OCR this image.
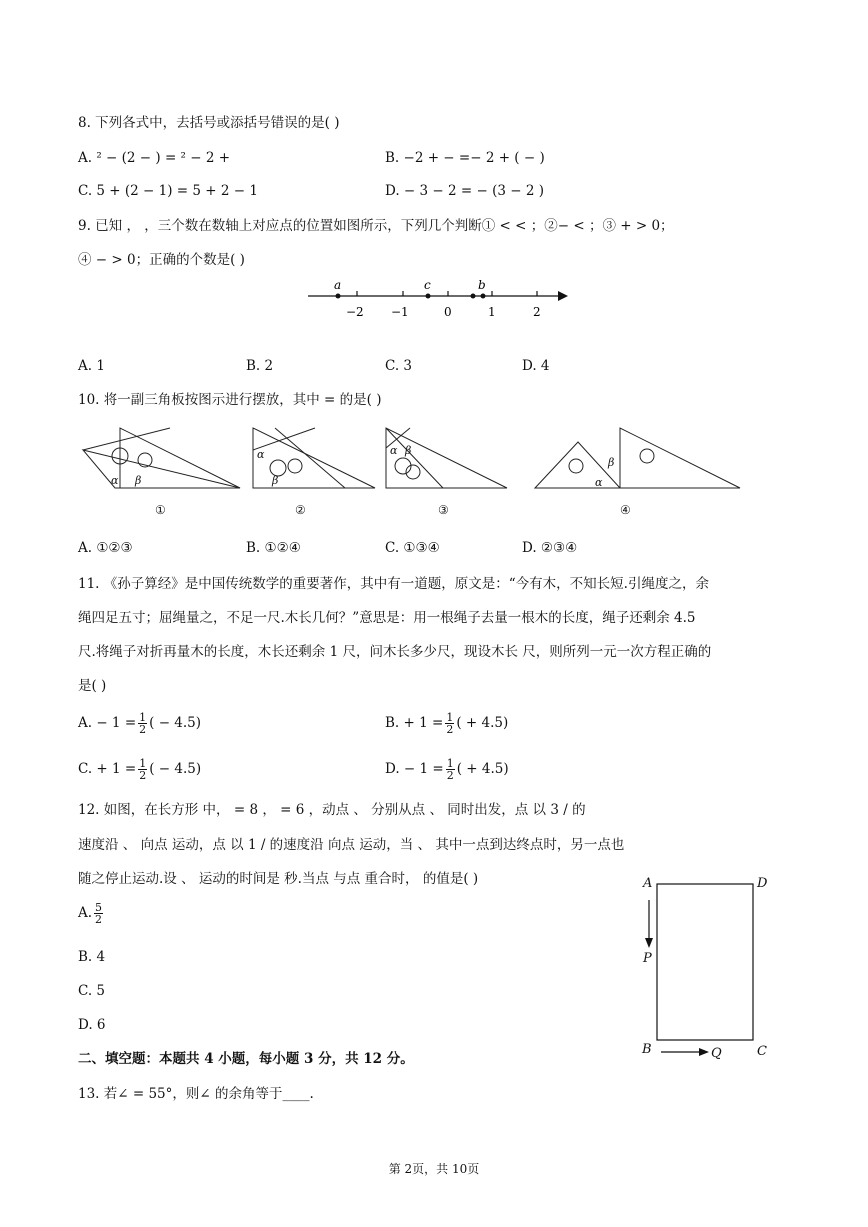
8. 下列各式中，去括号或添括号错误的是( )
A. ² − (2 − ) = ² − 2 +	B. −2 + − =− 2 + ( − )
C. 5 + (2 − 1) = 5 + 2 − 1	D. − 3 − 2 = − (3 − 2 )
9. 已知 ， ，三个数在数轴上对应点的位置如图所示，下列几个判断① < < ；②− < ；③ + > 0；
④ − > 0；正确的个数是( )
a	c	b
−2 −1	0	1	2
A. 1	B. 2	C. 3	D. 4
10. 将一副三角板按图示进行摆放，其中 = 的是( )
α β
α
β
α β
α
β
①	②	③	④
A. ①②③	B. ①②④	C. ①③④	D. ②③④
11. 《孙子算经》是中国传统数学的重要著作，其中有一道题，原文是：“今有木，不知长短.引绳度之，余
绳四足五寸；屈绳量之，不足一尺.木长几何？”意思是：用一根绳子去量一根木的长度，绳子还剩余 4.5
尺.将绳子对折再量木的长度，木长还剩余 1 尺，问木长多少尺，现设木长 尺，则所列一元一次方程正确的
是( )
A. − $1 = \frac{1}{2}$ ( − 4.5)	B. + $1 = \frac{1}{2}$ ( + 4.5)
C. + $1 = \frac{1}{2}$ ( − 4.5)	D. − $1 = \frac{1}{2}$ ( + 4.5)
12. 如图，在长方形 中， = 8 ， = 6 ，动点 、 分别从点 、 同时出发，点 以 3 / 的
速度沿 、 向点 运动，点 以 1 / 的速度沿 向点 运动，当 、 其中一点到达终点时，另一点也
随之停止运动.设 、 运动的时间是 秒.当点 与点 重合时， 的值是( )
A. $\frac{5}{2}$
B. 4
C. 5
D. 6
A	D
P
B	Q	C
二、填空题：本题共 4 小题，每小题 3 分，共 12 分。
13. 若∠ = 55°，则∠ 的余角等于____.
第 2页，共 10页
